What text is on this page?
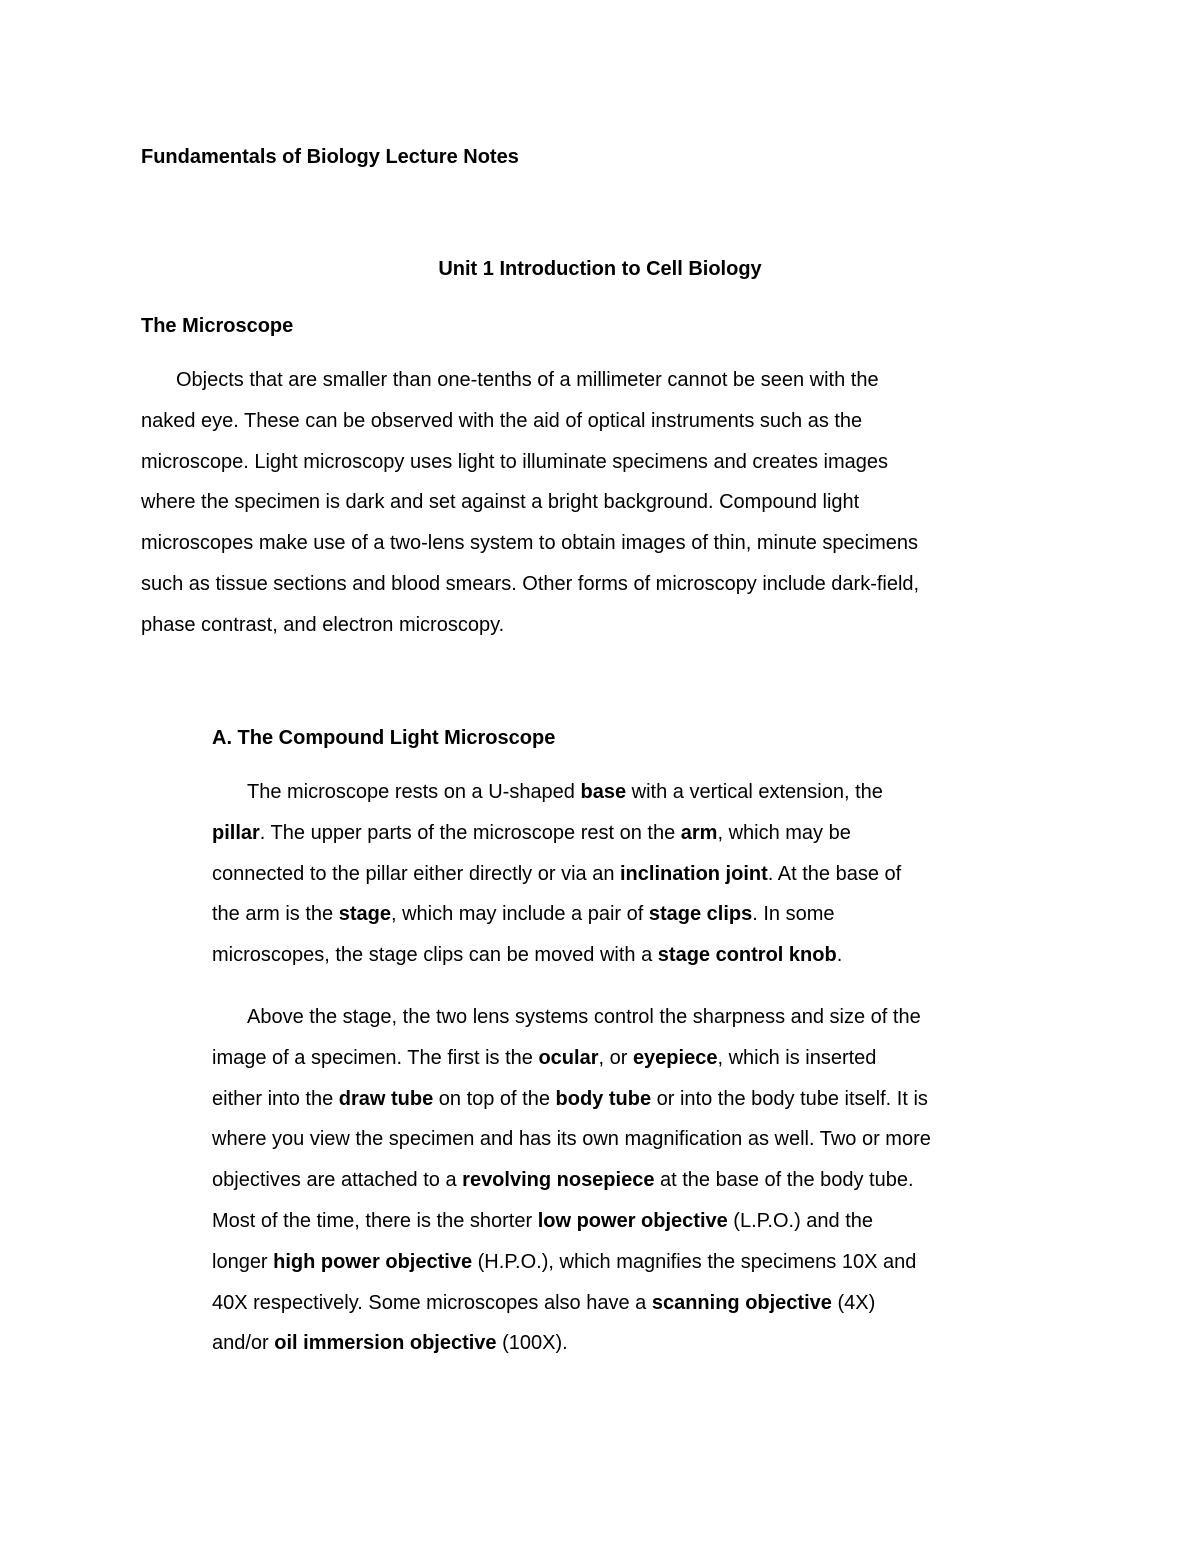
Fundamentals of Biology Lecture Notes
Unit 1 Introduction to Cell Biology
The Microscope

Objects that are smaller than one-tenths of a millimeter cannot be seen with the
naked eye. These can be observed with the aid of optical instruments such as the
microscope. Light microscopy uses light to illuminate specimens and creates images
where the specimen is dark and set against a bright background. Compound light
microscopes make use of a two-lens system to obtain images of thin, minute specimens
such as tissue sections and blood smears. Other forms of microscopy include dark-field,
phase contrast, and electron microscopy.

A. The Compound Light Microscope

The microscope rests on a U-shaped base with a vertical extension, the
pillar. The upper parts of the microscope rest on the arm, which may be
connected to the pillar either directly or via an inclination joint. At the base of
the arm is the stage, which may include a pair of stage clips. In some
microscopes, the stage clips can be moved with a stage control knob.

Above the stage, the two lens systems control the sharpness and size of the
image of a specimen. The first is the ocular, or eyepiece, which is inserted
either into the draw tube on top of the body tube or into the body tube itself. It is
where you view the specimen and has its own magnification as well. Two or more
objectives are attached to a revolving nosepiece at the base of the body tube.
Most of the time, there is the shorter low power objective (L.P.O.) and the
longer high power objective (H.P.O.), which magnifies the specimens 10X and
40X respectively. Some microscopes also have a scanning objective (4X)
and/or oil immersion objective (100X).
